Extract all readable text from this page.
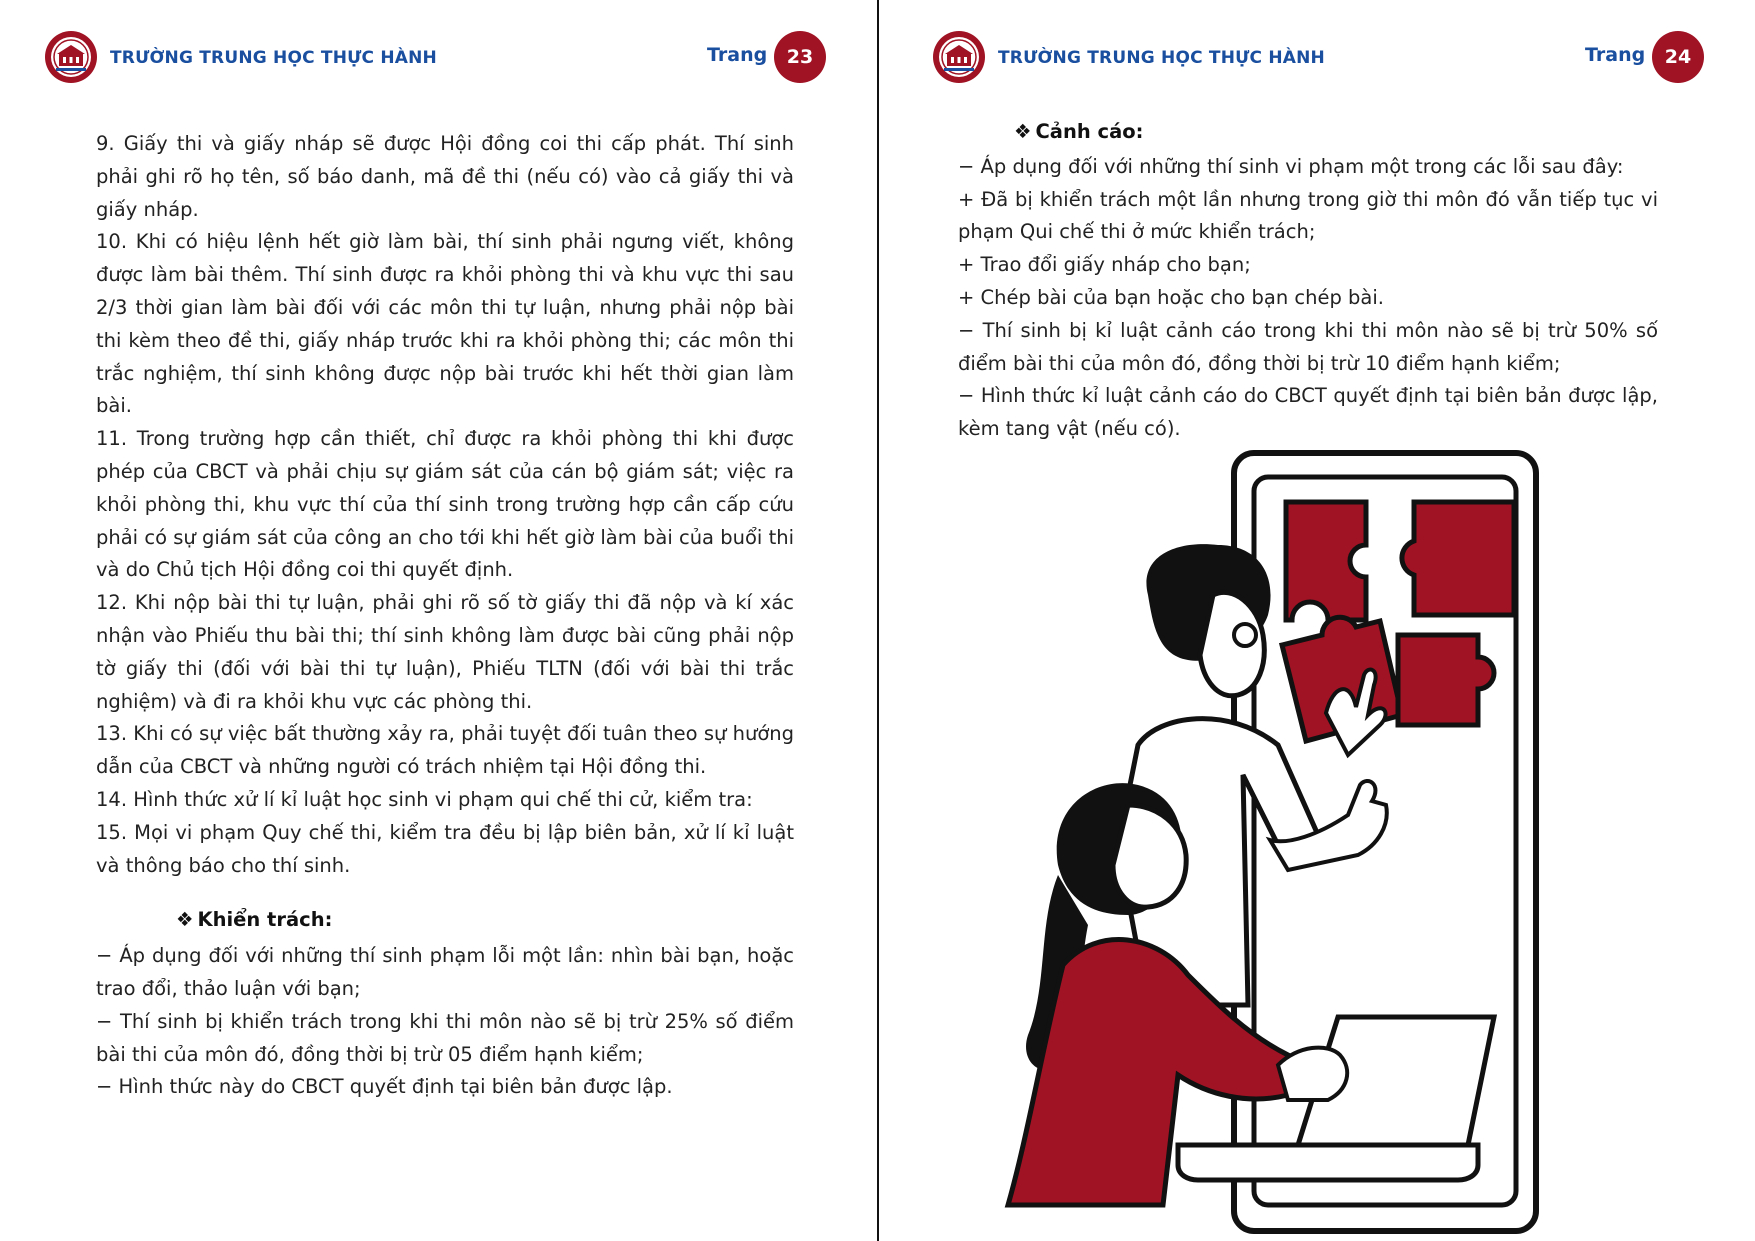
TRƯỜNG TRUNG HỌC THỰC HÀNH	Trang	23

9. Giấy thi và giấy nháp sẽ được Hội đồng coi thi cấp phát. Thí sinh phải ghi rõ họ tên, số báo danh, mã đề thi (nếu có) vào cả giấy thi và giấy nháp.

10. Khi có hiệu lệnh hết giờ làm bài, thí sinh phải ngưng viết, không được làm bài thêm. Thí sinh được ra khỏi phòng thi và khu vực thi sau 2/3 thời gian làm bài đối với các môn thi tự luận, nhưng phải nộp bài thi kèm theo đề thi, giấy nháp trước khi ra khỏi phòng thi; các môn thi trắc nghiệm, thí sinh không được nộp bài trước khi hết thời gian làm bài.

11. Trong trường hợp cần thiết, chỉ được ra khỏi phòng thi khi được phép của CBCT và phải chịu sự giám sát của cán bộ giám sát; việc ra khỏi phòng thi, khu vực thí của thí sinh trong trường hợp cần cấp cứu phải có sự giám sát của công an cho tới khi hết giờ làm bài của buổi thi và do Chủ tịch Hội đồng coi thi quyết định.

12. Khi nộp bài thi tự luận, phải ghi rõ số tờ giấy thi đã nộp và kí xác nhận vào Phiếu thu bài thi; thí sinh không làm được bài cũng phải nộp tờ giấy thi (đối với bài thi tự luận), Phiếu TLTN (đối với bài thi trắc nghiệm) và đi ra khỏi khu vực các phòng thi.

13. Khi có sự việc bất thường xảy ra, phải tuyệt đối tuân theo sự hướng dẫn của CBCT và những người có trách nhiệm tại Hội đồng thi.

14. Hình thức xử lí kỉ luật học sinh vi phạm qui chế thi cử, kiểm tra:

15. Mọi vi phạm Quy chế thi, kiểm tra đều bị lập biên bản, xử lí kỉ luật và thông báo cho thí sinh.

❖ Khiển trách:

− Áp dụng đối với những thí sinh phạm lỗi một lần: nhìn bài bạn, hoặc trao đổi, thảo luận với bạn;

− Thí sinh bị khiển trách trong khi thi môn nào sẽ bị trừ 25% số điểm bài thi của môn đó, đồng thời bị trừ 05 điểm hạnh kiểm;

− Hình thức này do CBCT quyết định tại biên bản được lập.

TRƯỜNG TRUNG HỌC THỰC HÀNH	Trang	24

❖ Cảnh cáo:

− Áp dụng đối với những thí sinh vi phạm một trong các lỗi sau đây:

+ Đã bị khiển trách một lần nhưng trong giờ thi môn đó vẫn tiếp tục vi phạm Qui chế thi ở mức khiển trách;

+ Trao đổi giấy nháp cho bạn;

+ Chép bài của bạn hoặc cho bạn chép bài.

− Thí sinh bị kỉ luật cảnh cáo trong khi thi môn nào sẽ bị trừ 50% số điểm bài thi của môn đó, đồng thời bị trừ 10 điểm hạnh kiểm;

− Hình thức kỉ luật cảnh cáo do CBCT quyết định tại biên bản được lập, kèm tang vật (nếu có).
